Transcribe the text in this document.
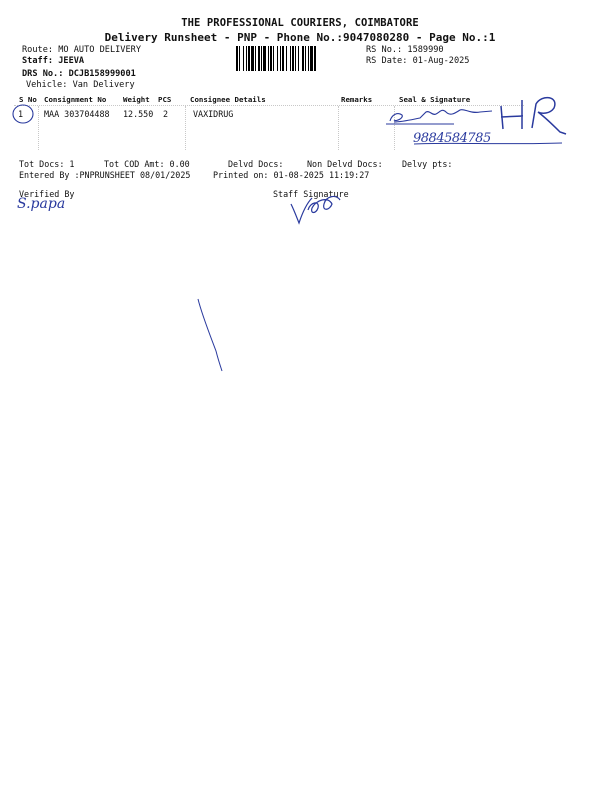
THE PROFESSIONAL COURIERS, COIMBATORE
Delivery Runsheet - PNP - Phone No.:9047080280 - Page No.:1
Route: MO AUTO DELIVERY
Staff: JEEVA
DRS No.: DCJB158999001
Vehicle: Van Delivery
RS No.: 1589990
RS Date: 01-Aug-2025
S No Consignment No Weight PCS	Consignee Details	Remarks	Seal & Signature
1 MAA 303704488 12.550 2	VAXIDRUG
Tot Docs: 1	Tot COD Amt: 0.00	Delvd Docs:	Non Delvd Docs: Delvy pts:
Entered By :PNPRUNSHEET 08/01/2025	Printed on: 01-08-2025 11:19:27
Verified By	Staff Signature
9884584785
S.papa
